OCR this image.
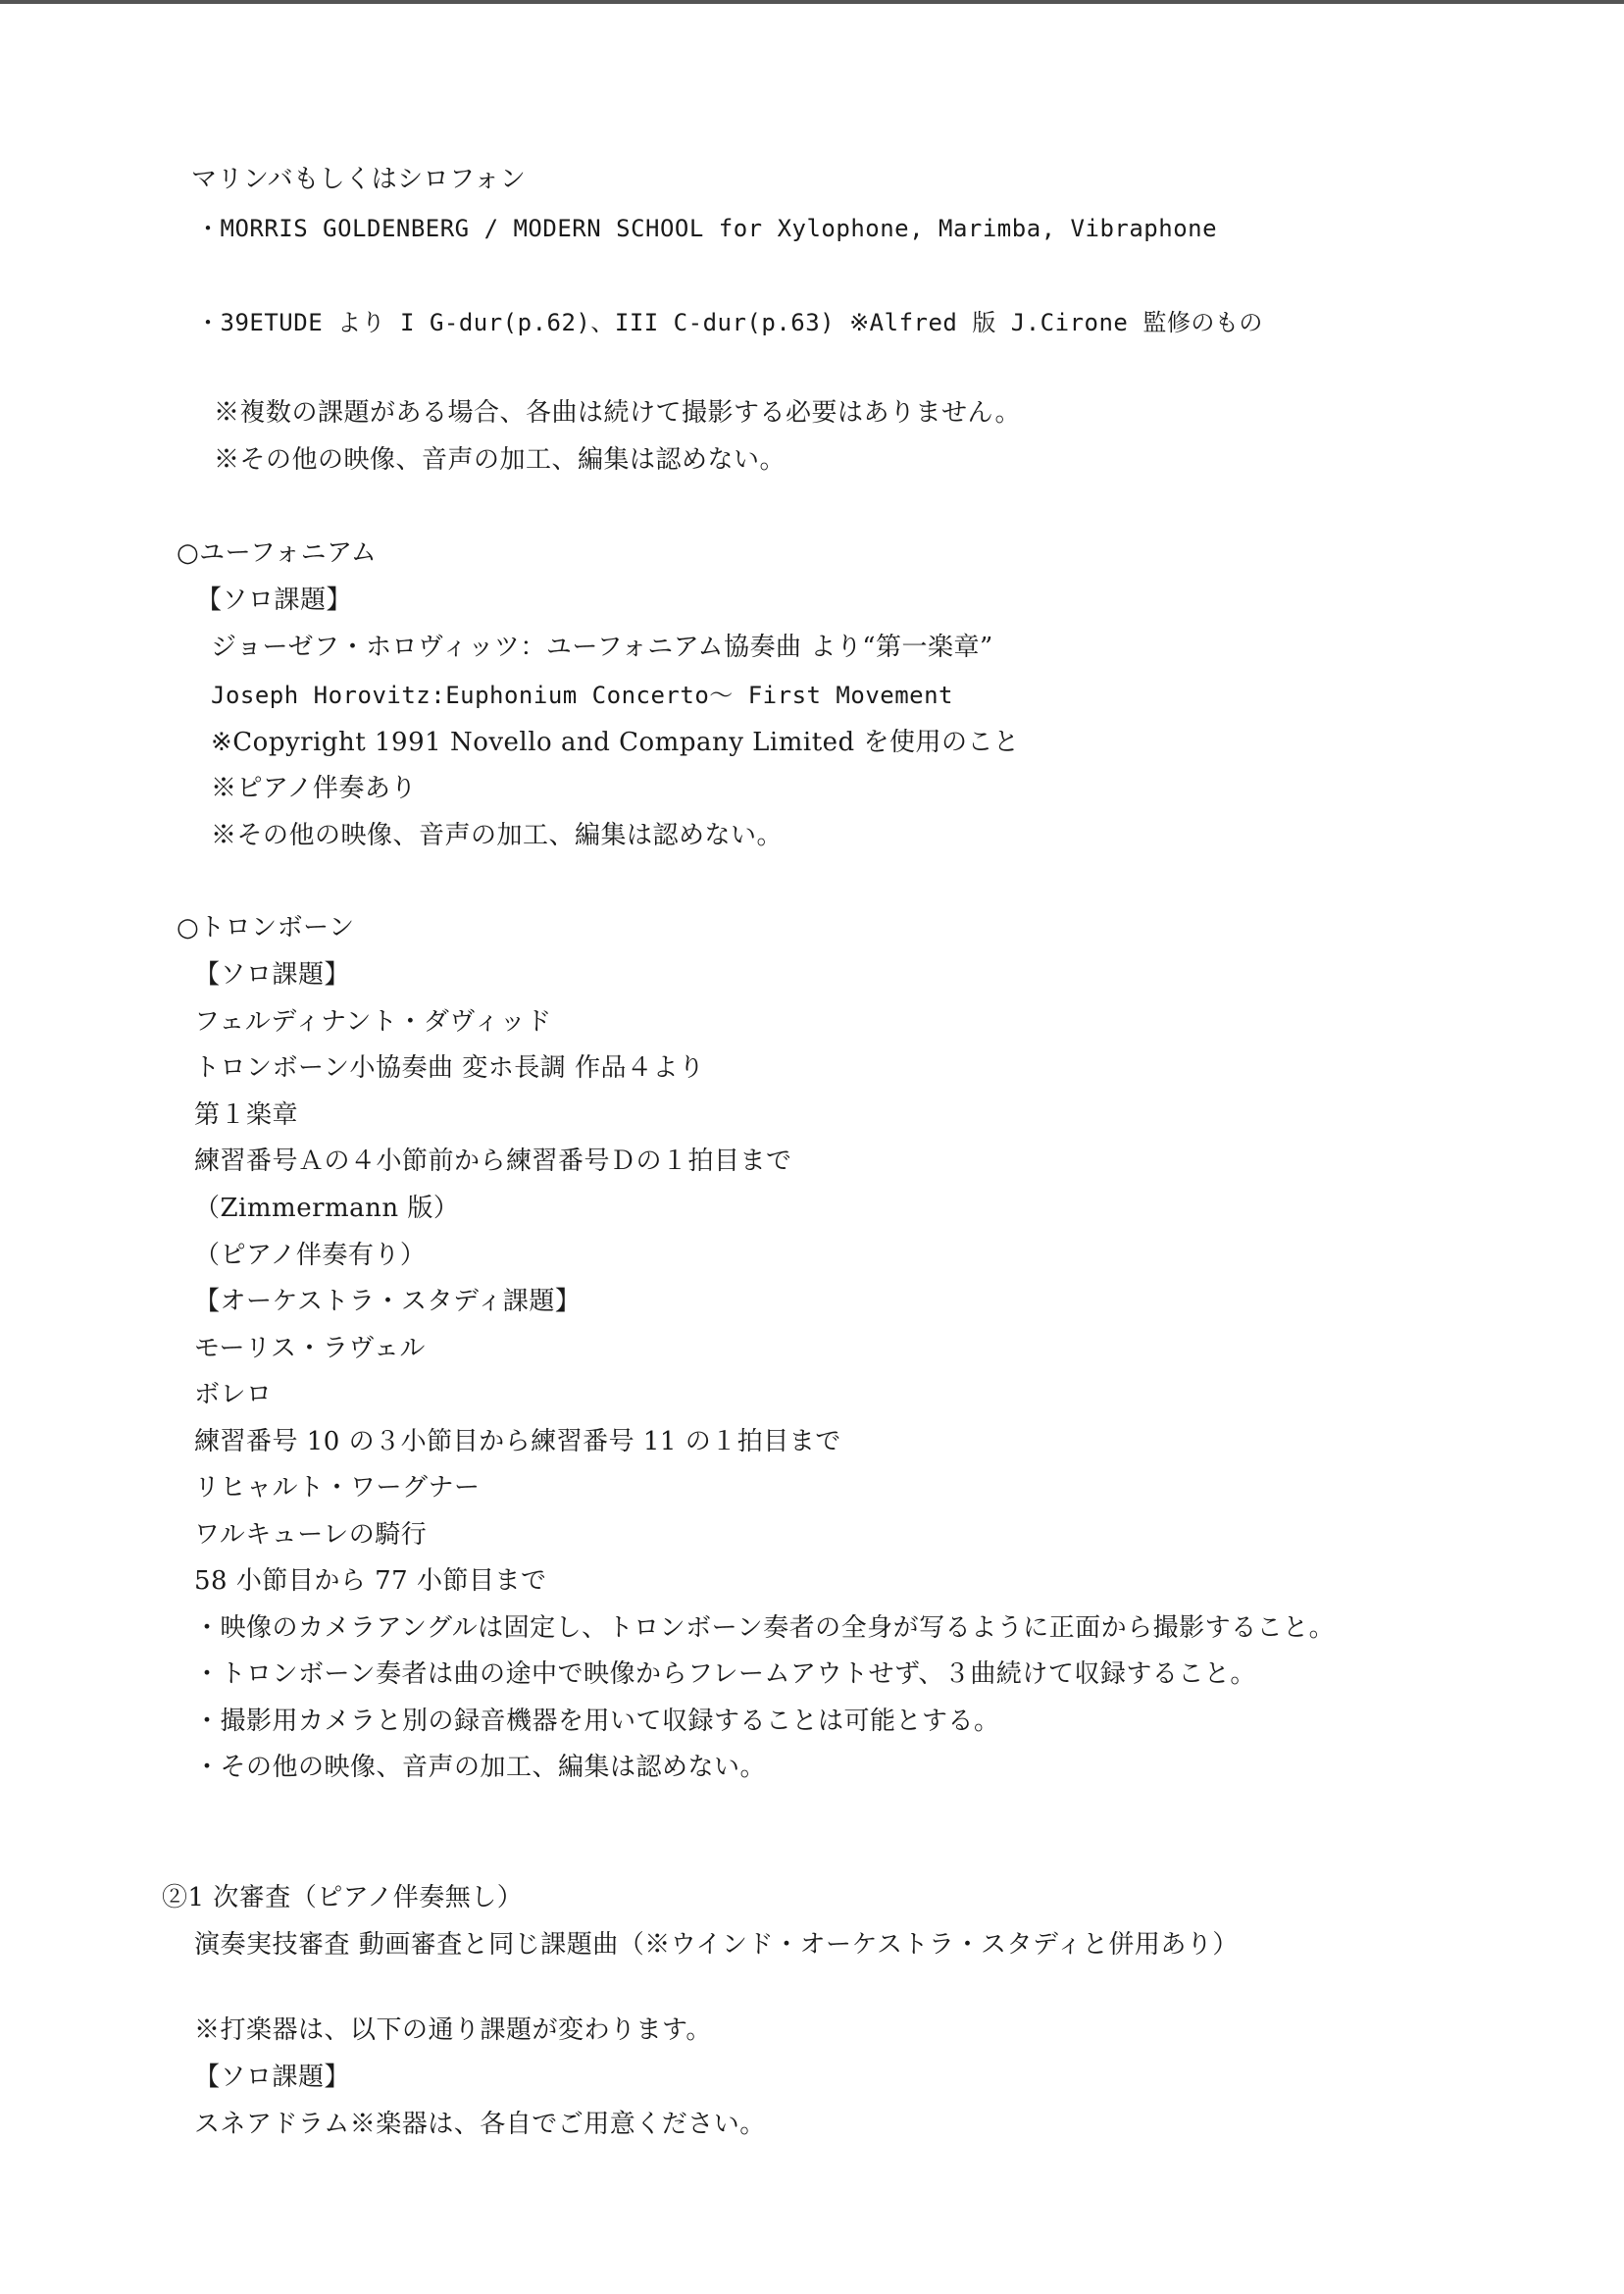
マリンバもしくはシロフォン
・MORRIS GOLDENBERG / MODERN SCHOOL for Xylophone, Marimba, Vibraphone
・39ETUDE より I G-dur(p.62)、III C-dur(p.63) ※Alfred 版 J.Cirone 監修のもの
※複数の課題がある場合、各曲は続けて撮影する必要はありません。
※その他の映像、音声の加工、編集は認めない。
○ユーフォニアム
【ソロ課題】
ジョーゼフ・ホロヴィッツ：ユーフォニアム協奏曲 より“第一楽章”
Joseph Horovitz:Euphonium Concerto～ First Movement
※Copyright 1991 Novello and Company Limited を使用のこと
※ピアノ伴奏あり
※その他の映像、音声の加工、編集は認めない。
○トロンボーン
【ソロ課題】
フェルディナント・ダヴィッド
トロンボーン小協奏曲 変ホ長調 作品４より
第１楽章
練習番号Ａの４小節前から練習番号Ｄの１拍目まで
（Zimmermann 版）
（ピアノ伴奏有り）
【オーケストラ・スタディ課題】
モーリス・ラヴェル
ボレロ
練習番号 10 の３小節目から練習番号 11 の１拍目まで
リヒャルト・ワーグナー
ワルキューレの騎行
58 小節目から 77 小節目まで
・映像のカメラアングルは固定し、トロンボーン奏者の全身が写るように正面から撮影すること。
・トロンボーン奏者は曲の途中で映像からフレームアウトせず、３曲続けて収録すること。
・撮影用カメラと別の録音機器を用いて収録することは可能とする。
・その他の映像、音声の加工、編集は認めない。
②1 次審査（ピアノ伴奏無し）
演奏実技審査 動画審査と同じ課題曲（※ウインド・オーケストラ・スタディと併用あり）
※打楽器は、以下の通り課題が変わります。
【ソロ課題】
スネアドラム※楽器は、各自でご用意ください。
